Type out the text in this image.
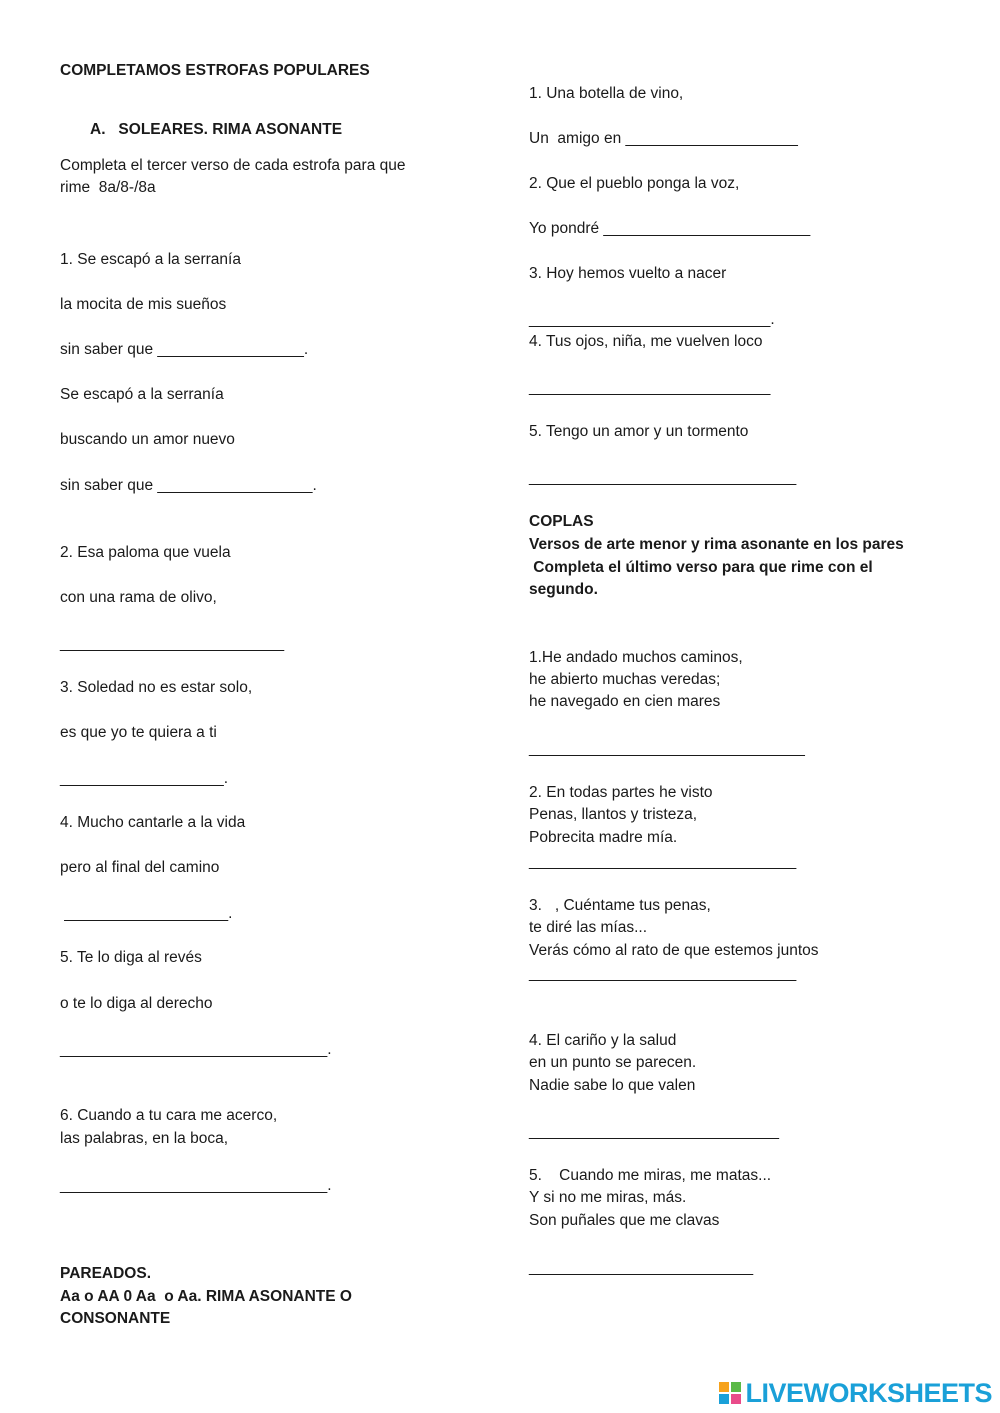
COMPLETAMOS ESTROFAS POPULARES
A.   SOLEARES. RIMA ASONANTE
Completa el tercer verso de cada estrofa para que
rime  8a/8-/8a
1. Se escapó a la serranía
la mocita de mis sueños
sin saber que _________________.
Se escapó a la serranía
buscando un amor nuevo
sin saber que __________________.
2. Esa paloma que vuela
con una rama de olivo,
__________________________
3. Soledad no es estar solo,
es que yo te quiera a ti
___________________.
4. Mucho cantarle a la vida
pero al final del camino
___________________.
5. Te lo diga al revés
o te lo diga al derecho
_______________________________.
6. Cuando a tu cara me acerco,
las palabras, en la boca,
_______________________________.
PAREADOS.
Aa o AA 0 Aa  o Aa. RIMA ASONANTE O
CONSONANTE
1. Una botella de vino,
Un  amigo en ____________________
2. Que el pueblo ponga la voz,
Yo pondré ________________________
3. Hoy hemos vuelto a nacer
____________________________.
4. Tus ojos, niña, me vuelven loco
____________________________
5. Tengo un amor y un tormento
_______________________________
COPLAS
Versos de arte menor y rima asonante en los pares
Completa el último verso para que rime con el
segundo.
1.He andado muchos caminos,
he abierto muchas veredas;
he navegado en cien mares
________________________________
2. En todas partes he visto
Penas, llantos y tristeza,
Pobrecita madre mía.
_______________________________
3.   , Cuéntame tus penas,
te diré las mías...
Verás cómo al rato de que estemos juntos
_______________________________
4. El cariño y la salud
en un punto se parecen.
Nadie sabe lo que valen
_____________________________
5.    Cuando me miras, me matas...
Y si no me miras, más.
Son puñales que me clavas
__________________________
LIVEWORKSHEETS
